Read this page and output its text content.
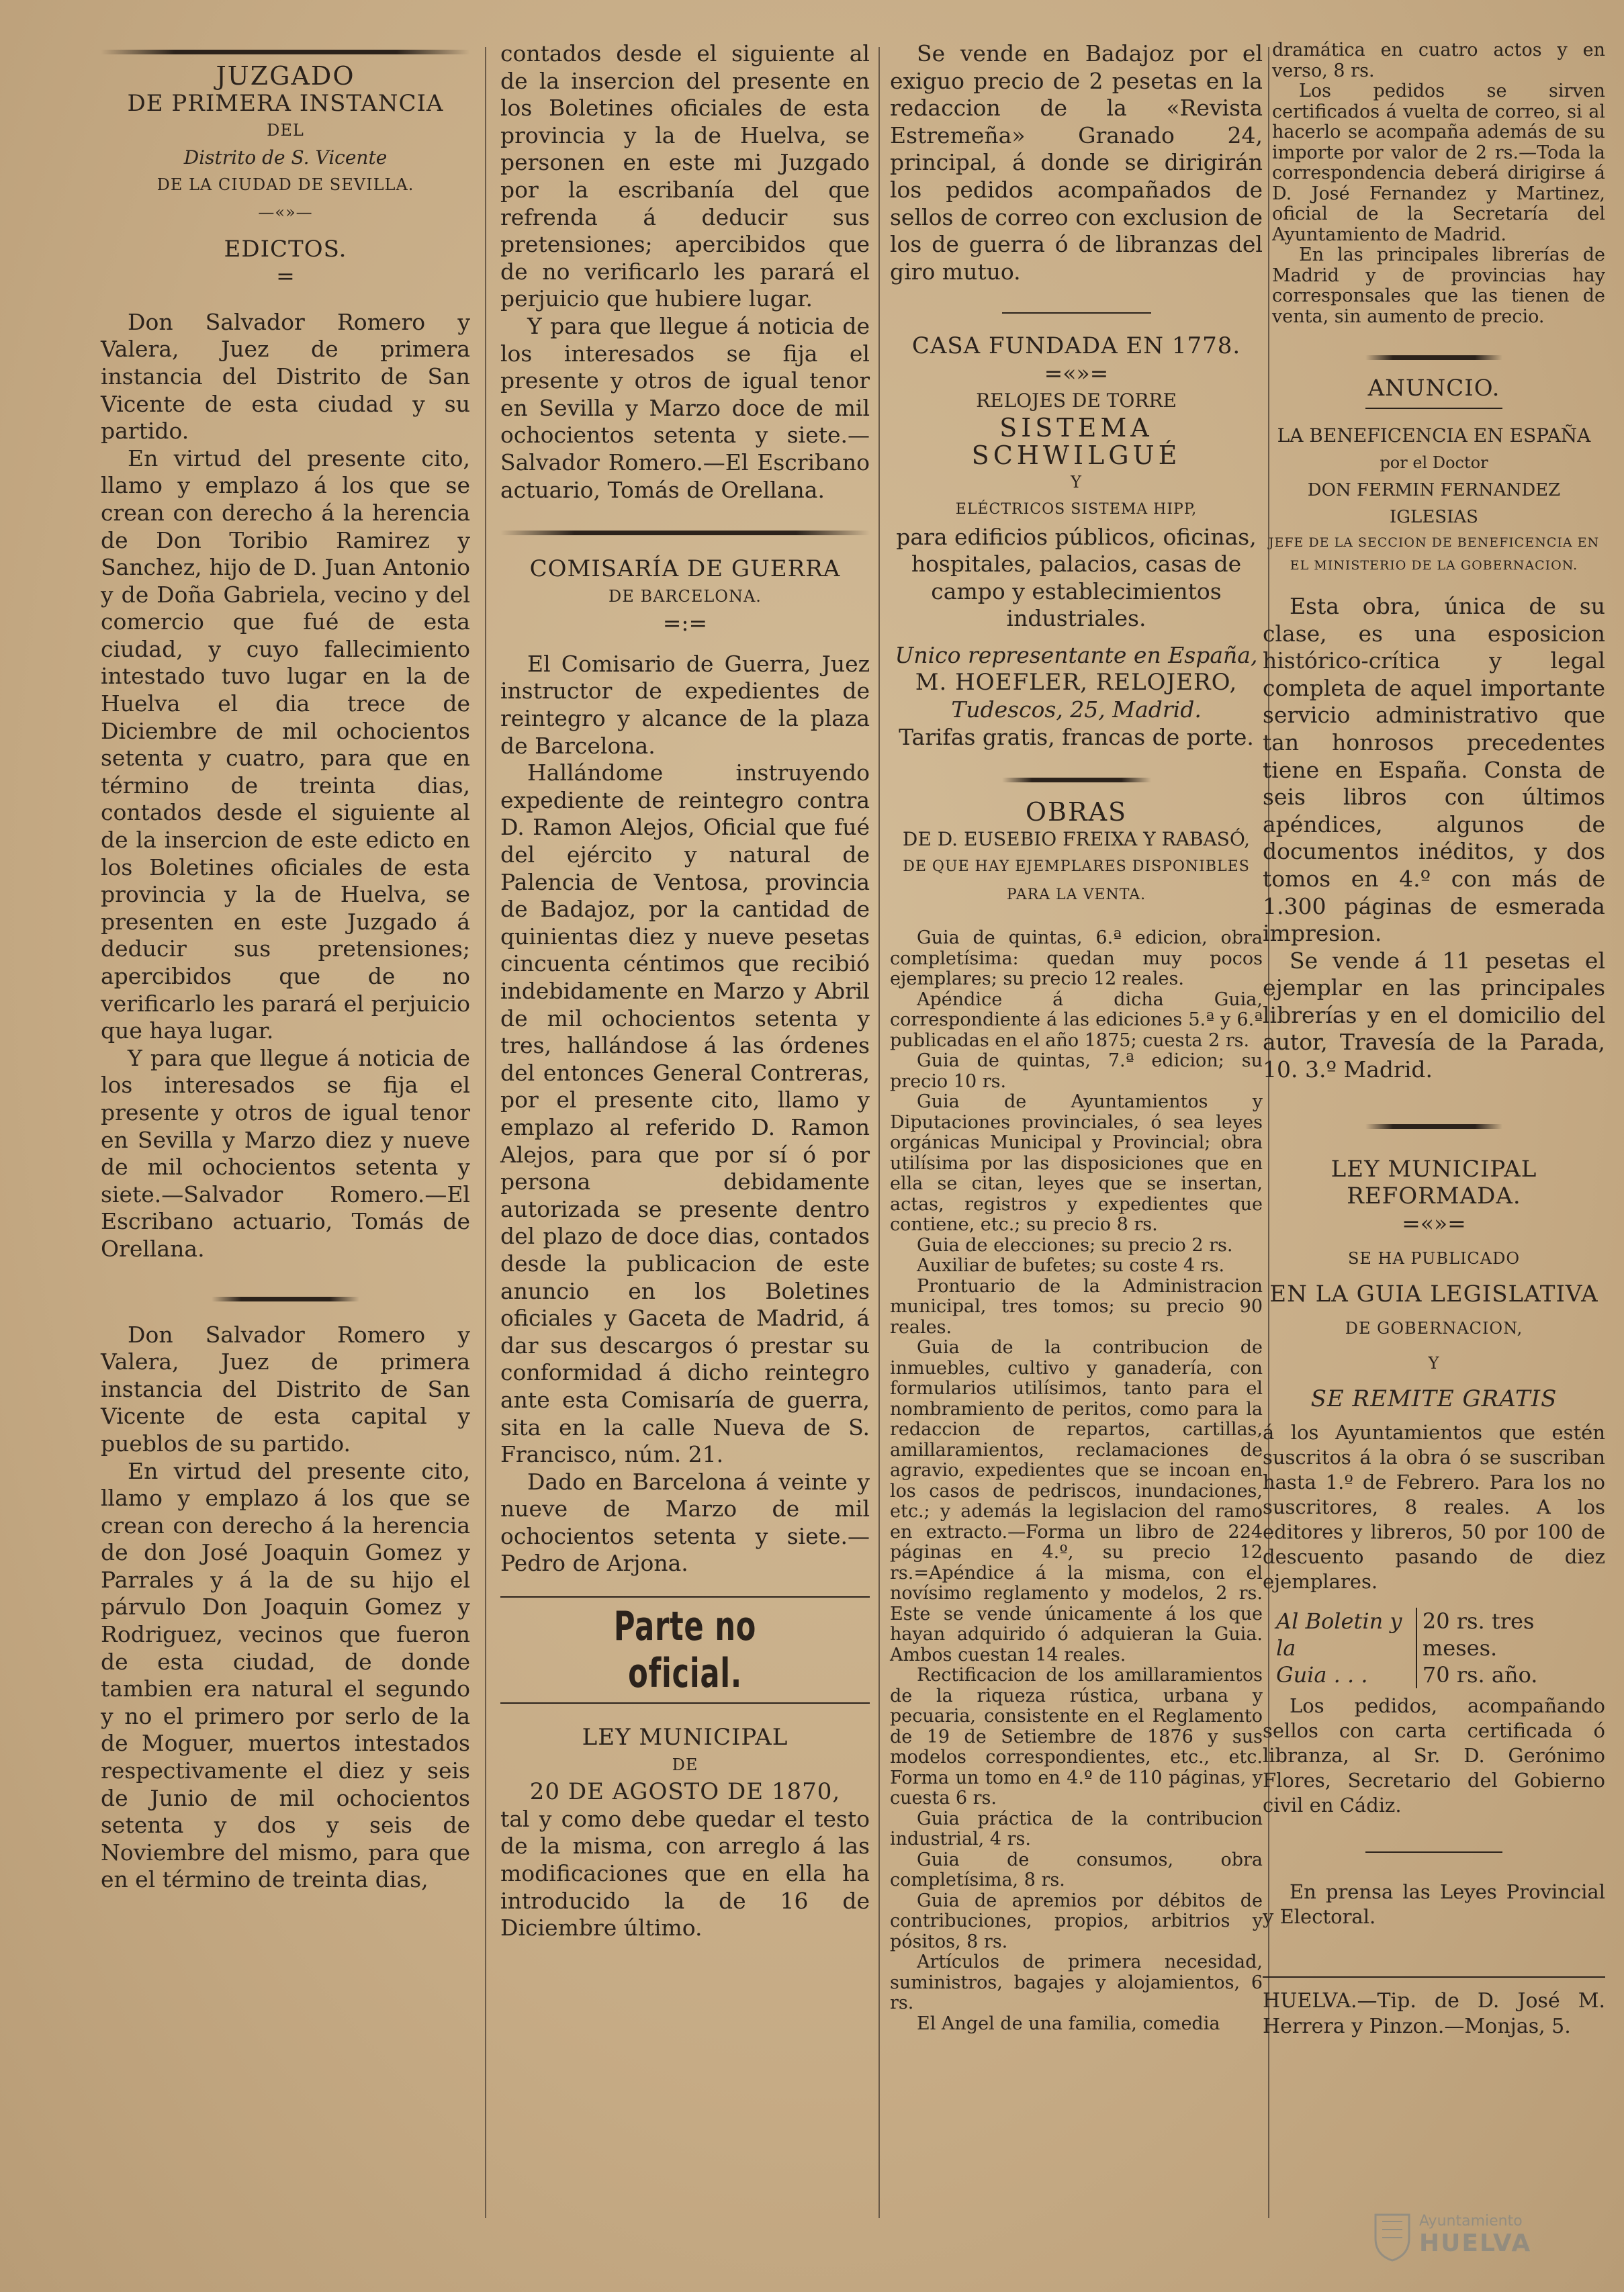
JUZGADO

DE PRIMERA INSTANCIA

DEL

Distrito de S. Vicente

DE LA CIUDAD DE SEVILLA.

—«»—

EDICTOS.

=

Don Salvador Romero y Valera, Juez de primera instancia del Distrito de San Vicente de esta ciudad y su partido.

En virtud del presente cito, llamo y emplazo á los que se crean con derecho á la herencia de Don Toribio Ramirez y Sanchez, hijo de D. Juan Antonio y de Doña Gabriela, vecino y del comercio que fué de esta ciudad, y cuyo fallecimiento intestado tuvo lugar en la de Huelva el dia trece de Diciembre de mil ochocientos setenta y cuatro, para que en término de treinta dias, contados desde el siguiente al de la insercion de este edicto en los Boletines oficiales de esta provincia y la de Huelva, se presenten en este Juzgado á deducir sus pretensiones; apercibidos que de no verificarlo les parará el perjuicio que haya lugar.

Y para que llegue á noticia de los interesados se fija el presente y otros de igual tenor en Sevilla y Marzo diez y nueve de mil ochocientos setenta y siete.—Salvador Romero.—El Escribano actuario, Tomás de Orellana.

Don Salvador Romero y Valera, Juez de primera instancia del Distrito de San Vicente de esta capital y pueblos de su partido.

En virtud del presente cito, llamo y emplazo á los que se crean con derecho á la herencia de don José Joaquin Gomez y Parrales y á la de su hijo el párvulo Don Joaquin Gomez y Rodriguez, vecinos que fueron de esta ciudad, de donde tambien era natural el segundo y no el primero por serlo de la de Moguer, muertos intestados respectivamente el diez y seis de Junio de mil ochocientos setenta y dos y seis de Noviembre del mismo, para que en el término de treinta dias,

contados desde el siguiente al de la insercion del presente en los Boletines oficiales de esta provincia y la de Huelva, se personen en este mi Juzgado por la escribanía del que refrenda á deducir sus pretensiones; apercibidos que de no verificarlo les parará el perjuicio que hubiere lugar.

Y para que llegue á noticia de los interesados se fija el presente y otros de igual tenor en Sevilla y Marzo doce de mil ochocientos setenta y siete.—Salvador Romero.—El Escribano actuario, Tomás de Orellana.

COMISARÍA DE GUERRA

DE BARCELONA.

=:=

El Comisario de Guerra, Juez instructor de expedientes de reintegro y alcance de la plaza de Barcelona.

Hallándome instruyendo expediente de reintegro contra D. Ramon Alejos, Oficial que fué del ejército y natural de Palencia de Ventosa, provincia de Badajoz, por la cantidad de quinientas diez y nueve pesetas cincuenta céntimos que recibió indebidamente en Marzo y Abril de mil ochocientos setenta y tres, hallándose á las órdenes del entonces General Contreras, por el presente cito, llamo y emplazo al referido D. Ramon Alejos, para que por sí ó por persona debidamente autorizada se presente dentro del plazo de doce dias, contados desde la publicacion de este anuncio en los Boletines oficiales y Gaceta de Madrid, á dar sus descargos ó prestar su conformidad á dicho reintegro ante esta Comisaría de guerra, sita en la calle Nueva de S. Francisco, núm. 21.

Dado en Barcelona á veinte y nueve de Marzo de mil ochocientos setenta y siete.—Pedro de Arjona.

Parte no oficial.

LEY MUNICIPAL

DE

20 DE AGOSTO DE 1870,

tal y como debe quedar el testo de la misma, con arreglo á las modificaciones que en ella ha introducido la de 16 de Diciembre último.

Se vende en Badajoz por el exiguo precio de 2 pesetas en la redaccion de la «Revista Estremeña» Granado 24, principal, á donde se dirigirán los pedidos acompañados de sellos de correo con exclusion de los de guerra ó de libranzas del giro mutuo.

CASA FUNDADA EN 1778.

=«»=

RELOJES DE TORRE

SISTEMA SCHWILGUÉ

Y

ELÉCTRICOS SISTEMA HIPP,

para edificios públicos, oficinas, hospitales, palacios, casas de campo y establecimientos industriales.

Unico representante en España,

M. HOEFLER, RELOJERO,

Tudescos, 25, Madrid.

Tarifas gratis, francas de porte.

OBRAS

DE D. EUSEBIO FREIXA Y RABASÓ,

DE QUE HAY EJEMPLARES DISPONIBLES PARA LA VENTA.

Guia de quintas, 6.ª edicion, obra completísima: quedan muy pocos ejemplares; su precio 12 reales.

Apéndice á dicha Guia, correspondiente á las ediciones 5.ª y 6.ª publicadas en el año 1875; cuesta 2 rs.

Guia de quintas, 7.ª edicion; su precio 10 rs.

Guia de Ayuntamientos y Diputaciones provinciales, ó sea leyes orgánicas Municipal y Provincial; obra utilísima por las disposiciones que en ella se citan, leyes que se insertan, actas, registros y expedientes que contiene, etc.; su precio 8 rs.

Guia de elecciones; su precio 2 rs.

Auxiliar de bufetes; su coste 4 rs.

Prontuario de la Administracion municipal, tres tomos; su precio 90 reales.

Guia de la contribucion de inmuebles, cultivo y ganadería, con formularios utilísimos, tanto para el nombramiento de peritos, como para la redaccion de repartos, cartillas, amillaramientos, reclamaciones de agravio, expedientes que se incoan en los casos de pedriscos, inundaciones, etc.; y además la legislacion del ramo en extracto.—Forma un libro de 224 páginas en 4.º, su precio 12 rs.=Apéndice á la misma, con el novísimo reglamento y modelos, 2 rs. Este se vende únicamente á los que hayan adquirido ó adquieran la Guia. Ambos cuestan 14 reales.

Rectificacion de los amillaramientos de la riqueza rústica, urbana y pecuaria, consistente en el Reglamento de 19 de Setiembre de 1876 y sus modelos correspondientes, etc., etc. Forma un tomo en 4.º de 110 páginas, y cuesta 6 rs.

Guia práctica de la contribucion industrial, 4 rs.

Guia de consumos, obra completísima, 8 rs.

Guia de apremios por débitos de contribuciones, propios, arbitrios y pósitos, 8 rs.

Artículos de primera necesidad, suministros, bagajes y alojamientos, 6 rs.

El Angel de una familia, comedia

dramática en cuatro actos y en verso, 8 rs.

Los pedidos se sirven certificados á vuelta de correo, si al hacerlo se acompaña además de su importe por valor de 2 rs.—Toda la correspondencia deberá dirigirse á D. José Fernandez y Martinez, oficial de la Secretaría del Ayuntamiento de Madrid.

En las principales librerías de Madrid y de provincias hay corresponsales que las tienen de venta, sin aumento de precio.

ANUNCIO.

LA BENEFICENCIA EN ESPAÑA

por el Doctor

DON FERMIN FERNANDEZ IGLESIAS

JEFE DE LA SECCION DE BENEFICENCIA EN EL MINISTERIO DE LA GOBERNACION.

Esta obra, única de su clase, es una esposicion histórico-crítica y legal completa de aquel importante servicio administrativo que tan honrosos precedentes tiene en España. Consta de seis libros con últimos apéndices, algunos de documentos inéditos, y dos tomos en 4.º con más de 1.300 páginas de esmerada impresion.

Se vende á 11 pesetas el ejemplar en las principales librerías y en el domicilio del autor, Travesía de la Parada, 10. 3.º Madrid.

LEY MUNICIPAL REFORMADA.

=«»=

SE HA PUBLICADO

EN LA GUIA LEGISLATIVA

DE GOBERNACION,

Y

SE REMITE GRATIS

á los Ayuntamientos que estén suscritos á la obra ó se suscriban hasta 1.º de Febrero. Para los no suscritores, 8 reales. A los editores y libreros, 50 por 100 de descuento pasando de diez ejemplares.

Al Boletin y la
Guia . . .
20 rs. tres meses.
70 rs. año.

Los pedidos, acompañando sellos con carta certificada ó libranza, al Sr. D. Gerónimo Flores, Secretario del Gobierno civil en Cádiz.

En prensa las Leyes Provincial y Electoral.

HUELVA.—Tip. de D. José M. Herrera y Pinzon.—Monjas, 5.

Ayuntamiento
HUELVA
